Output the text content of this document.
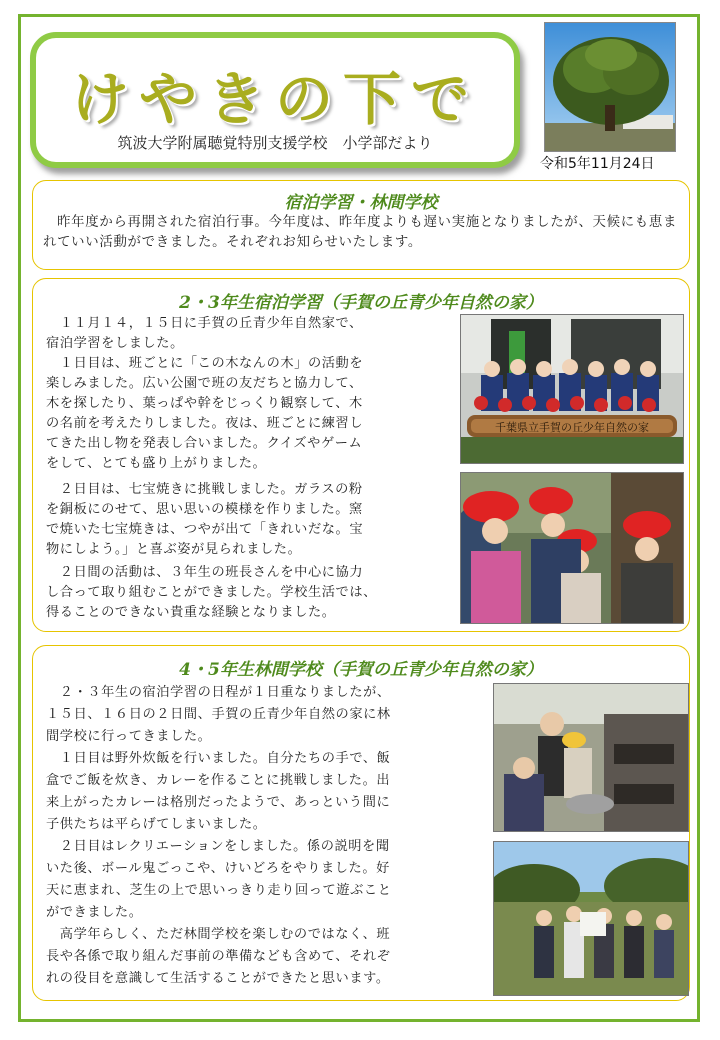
けやきの下で
筑波大学附属聴覚特別支援学校　小学部だより
令和5年11月24日
宿泊学習・林間学校
　昨年度から再開された宿泊行事。今年度は、昨年度よりも遅い実施となりましたが、天候にも恵まれていい活動ができました。それぞれお知らせいたします。
2・3年生宿泊学習（手賀の丘青少年自然の家）
　１１月１４，１５日に手賀の丘青少年自然家で、
宿泊学習をしました。
　１日目は、班ごとに「この木なんの木」の活動を
楽しみました。広い公園で班の友だちと協力して、
木を探したり、葉っぱや幹をじっくり観察して、木
の名前を考えたりしました。夜は、班ごとに練習し
てきた出し物を発表し合いました。クイズやゲーム
をして、とても盛り上がりました。
　２日目は、七宝焼きに挑戦しました。ガラスの粉
を銅板にのせて、思い思いの模様を作りました。窯
で焼いた七宝焼きは、つやが出て「きれいだな。宝
物にしよう。」と喜ぶ姿が見られました。
　２日間の活動は、３年生の班長さんを中心に協力
し合って取り組むことができました。学校生活では、
得ることのできない貴重な経験となりました。
千葉県立手賀の丘少年自然の家
4・5年生林間学校（手賀の丘青少年自然の家）
　２・３年生の宿泊学習の日程が１日重なりましたが、
１５日、１６日の２日間、手賀の丘青少年自然の家に林
間学校に行ってきました。
　１日目は野外炊飯を行いました。自分たちの手で、飯
盒でご飯を炊き、カレーを作ることに挑戦しました。出
来上がったカレーは格別だったようで、あっという間に
子供たちは平らげてしまいました。
　２日目はレクリエーションをしました。係の説明を聞
いた後、ボール鬼ごっこや、けいどろをやりました。好
天に恵まれ、芝生の上で思いっきり走り回って遊ぶこと
ができました。
　高学年らしく、ただ林間学校を楽しむのではなく、班
長や各係で取り組んだ事前の準備なども含めて、それぞ
れの役目を意識して生活することができたと思います。
